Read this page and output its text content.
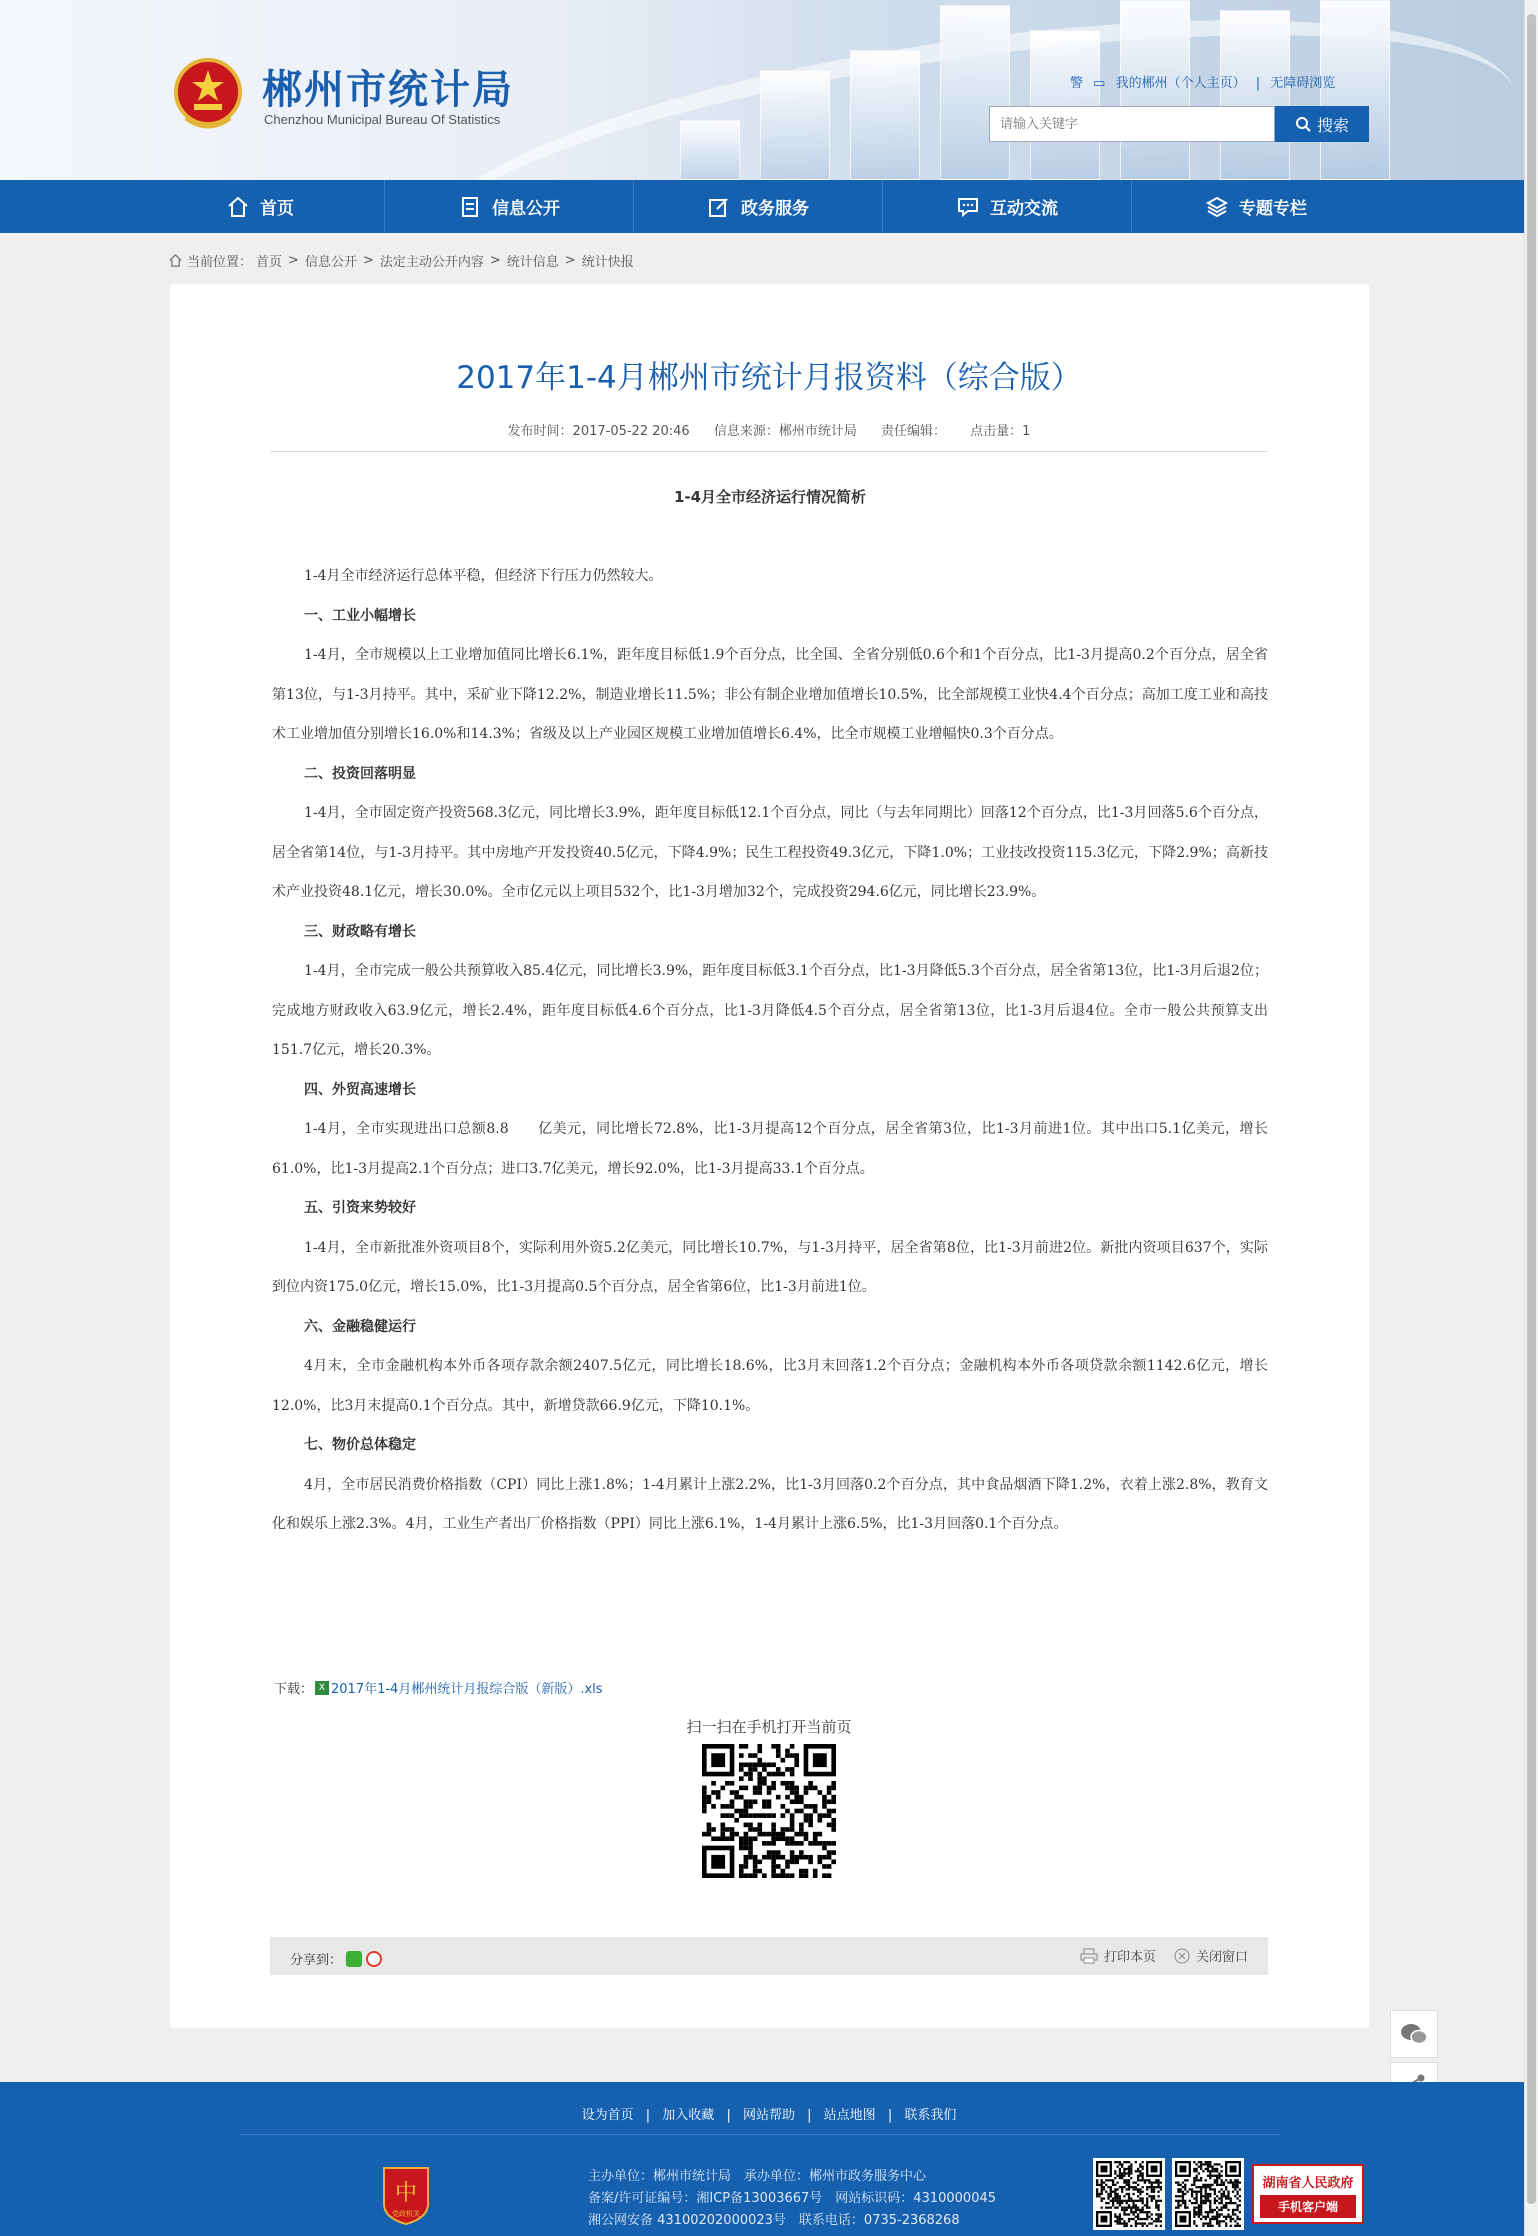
郴州市统计局
Chenzhou Municipal Bureau Of Statistics
警 ▭ 我的郴州（个人主页） | 无障碍浏览
请输入关键字
搜索
首页	信息公开	政务服务	互动交流	专题专栏
当前位置： 首页 > 信息公开 > 法定主动公开内容 > 统计信息 > 统计快报
2017年1-4月郴州市统计月报资料（综合版）
发布时间：2017-05-22 20:46 信息来源：郴州市统计局 责任编辑： 点击量：1
1-4月全市经济运行情况简析

1-4月全市经济运行总体平稳，但经济下行压力仍然较大。

一、工业小幅增长

1-4月，全市规模以上工业增加值同比增长6.1%，距年度目标低1.9个百分点，比全国、全省分别低0.6个和1个百分点，比1-3月提高0.2个百分点，居全省第13位，与1-3月持平。其中，采矿业下降12.2%，制造业增长11.5%；非公有制企业增加值增长10.5%，比全部规模工业快4.4个百分点；高加工度工业和高技术工业增加值分别增长16.0%和14.3%；省级及以上产业园区规模工业增加值增长6.4%，比全市规模工业增幅快0.3个百分点。

二、投资回落明显

1-4月，全市固定资产投资568.3亿元，同比增长3.9%，距年度目标低12.1个百分点，同比（与去年同期比）回落12个百分点，比1-3月回落5.6个百分点，居全省第14位，与1-3月持平。其中房地产开发投资40.5亿元，下降4.9%；民生工程投资49.3亿元，下降1.0%；工业技改投资115.3亿元，下降2.9%；高新技术产业投资48.1亿元，增长30.0%。全市亿元以上项目532个，比1-3月增加32个，完成投资294.6亿元，同比增长23.9%。

三、财政略有增长

1-4月，全市完成一般公共预算收入85.4亿元，同比增长3.9%，距年度目标低3.1个百分点，比1-3月降低5.3个百分点，居全省第13位，比1-3月后退2位；完成地方财政收入63.9亿元，增长2.4%，距年度目标低4.6个百分点，比1-3月降低4.5个百分点，居全省第13位，比1-3月后退4位。全市一般公共预算支出151.7亿元，增长20.3%。

四、外贸高速增长

1-4月，全市实现进出口总额8.8　　亿美元，同比增长72.8%，比1-3月提高12个百分点，居全省第3位，比1-3月前进1位。其中出口5.1亿美元，增长61.0%，比1-3月提高2.1个百分点；进口3.7亿美元，增长92.0%，比1-3月提高33.1个百分点。

五、引资来势较好

1-4月，全市新批准外资项目8个，实际利用外资5.2亿美元，同比增长10.7%，与1-3月持平，居全省第8位，比1-3月前进2位。新批内资项目637个，实际到位内资175.0亿元，增长15.0%，比1-3月提高0.5个百分点，居全省第6位，比1-3月前进1位。

六、金融稳健运行

4月末，全市金融机构本外币各项存款余额2407.5亿元，同比增长18.6%，比3月末回落1.2个百分点；金融机构本外币各项贷款余额1142.6亿元，增长12.0%，比3月末提高0.1个百分点。其中，新增贷款66.9亿元，下降10.1%。

七、物价总体稳定

4月，全市居民消费价格指数（CPI）同比上涨1.8%；1-4月累计上涨2.2%，比1-3月回落0.2个百分点，其中食品烟酒下降1.2%，衣着上涨2.8%，教育文化和娱乐上涨2.3%。4月，工业生产者出厂价格指数（PPI）同比上涨6.1%，1-4月累计上涨6.5%，比1-3月回落0.1个百分点。

下载： X 2017年1-4月郴州统计月报综合版（新版）.xls
扫一扫在手机打开当前页
分享到：	打印本页	关闭窗口
设为首页 | 加入收藏 | 网站帮助 | 站点地图 | 联系我们
中
党政机关
主办单位：郴州市统计局　承办单位：郴州市政务服务中心
备案/许可证编号：湘ICP备13003667号　网站标识码：4310000045
湘公网安备 43100202000023号　联系电话：0735-2368268
湖南省人民政府
手机客户端
